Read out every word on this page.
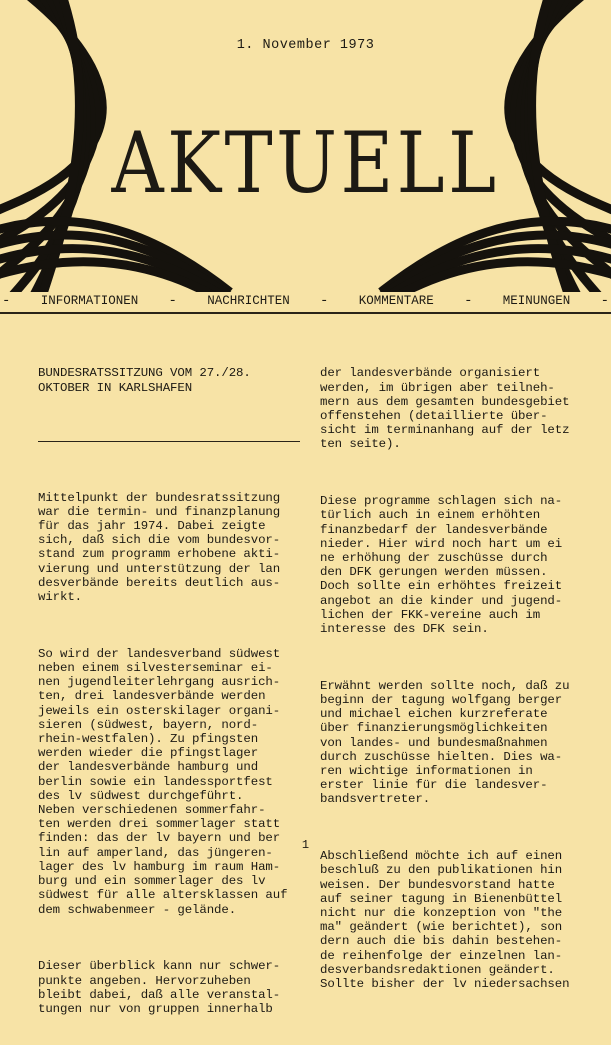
1. November 1973
AKTUELL
- INFORMATIONEN - NACHRICHTEN - KOMMENTARE - MEINUNGEN -

BUNDESRATSSITZUNG VOM 27./28.
OKTOBER IN KARLSHAFEN

Mittelpunkt der bundesratssitzung
war die termin- und finanzplanung
für das jahr 1974. Dabei zeigte
sich, daß sich die vom bundesvor-
stand zum programm erhobene akti-
vierung und unterstützung der lan
desverbände bereits deutlich aus-
wirkt.

So wird der landesverband südwest
neben einem silvesterseminar ei-
nen jugendleiterlehrgang ausrich-
ten, drei landesverbände werden
jeweils ein osterskilager organi-
sieren (südwest, bayern, nord-
rhein-westfalen). Zu pfingsten
werden wieder die pfingstlager
der landesverbände hamburg und
berlin sowie ein landessportfest
des lv südwest durchgeführt.
Neben verschiedenen sommerfahr-
ten werden drei sommerlager statt
finden: das der lv bayern und ber
lin auf amperland, das jüngeren-
lager des lv hamburg im raum Ham-
burg und ein sommerlager des lv
südwest für alle altersklassen auf
dem schwabenmeer - gelände.

Dieser überblick kann nur schwer-
punkte angeben. Hervorzuheben
bleibt dabei, daß alle veranstal-
tungen nur von gruppen innerhalb

der landesverbände organisiert
werden, im übrigen aber teilneh-
mern aus dem gesamten bundesgebiet
offenstehen (detaillierte über-
sicht im terminanhang auf der letz
ten seite).

Diese programme schlagen sich na-
türlich auch in einem erhöhten
finanzbedarf der landesverbände
nieder. Hier wird noch hart um ei
ne erhöhung der zuschüsse durch
den DFK gerungen werden müssen.
Doch sollte ein erhöhtes freizeit
angebot an die kinder und jugend-
lichen der FKK-vereine auch im
interesse des DFK sein.

Erwähnt werden sollte noch, daß zu
beginn der tagung wolfgang berger
und michael eichen kurzreferate
über finanzierungsmöglichkeiten
von landes- und bundesmaßnahmen
durch zuschüsse hielten. Dies wa-
ren wichtige informationen in
erster linie für die landesver-
bandsvertreter.

Abschließend möchte ich auf einen
beschluß zu den publikationen hin
weisen. Der bundesvorstand hatte
auf seiner tagung in Bienenbüttel
nicht nur die konzeption von "the
ma" geändert (wie berichtet), son
dern auch die bis dahin bestehen-
de reihenfolge der einzelnen lan-
desverbandsredaktionen geändert.
Sollte bisher der lv niedersachsen

1
